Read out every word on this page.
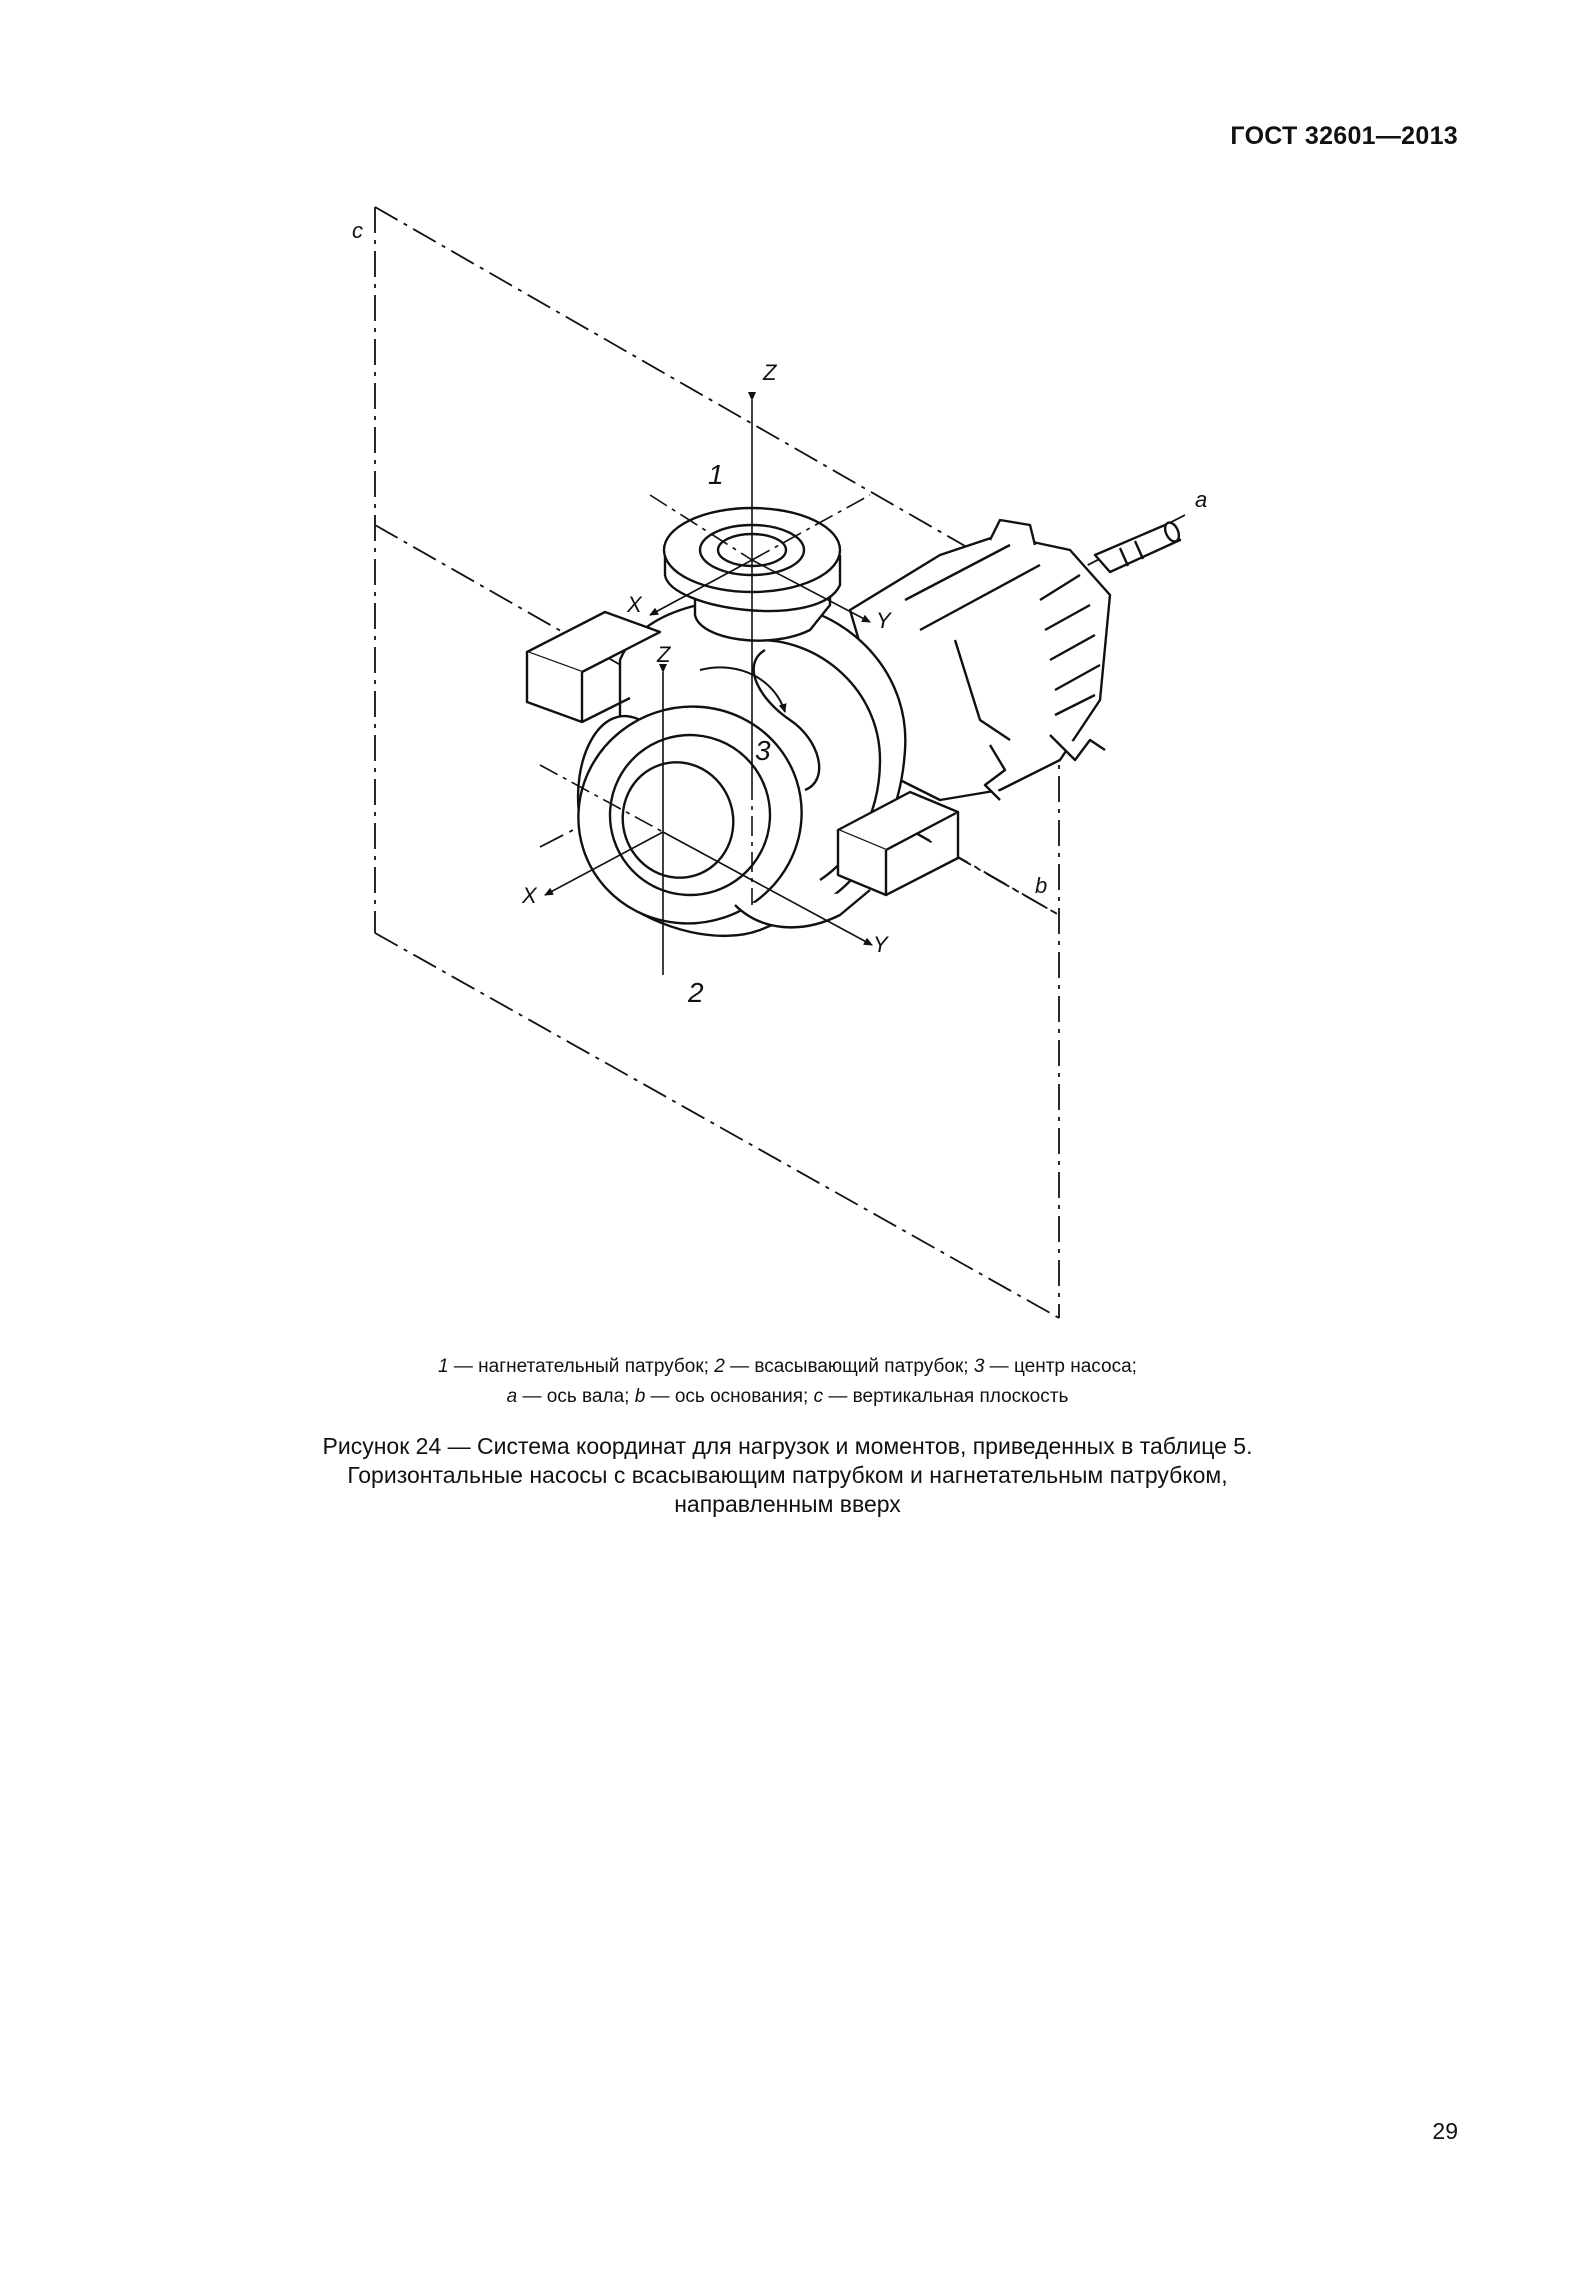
ГОСТ 32601—2013
c
a
b
Z
Z
X
Y
X
Y
1
2
3
1 — нагнетательный патрубок; 2 — всасывающий патрубок; 3 — центр насоса;
a — ось вала; b — ось основания; c — вертикальная плоскость
Рисунок 24 — Система координат для нагрузок и моментов, приведенных в таблице 5.
Горизонтальные насосы с всасывающим патрубком и нагнетательным патрубком,
направленным вверх
29
